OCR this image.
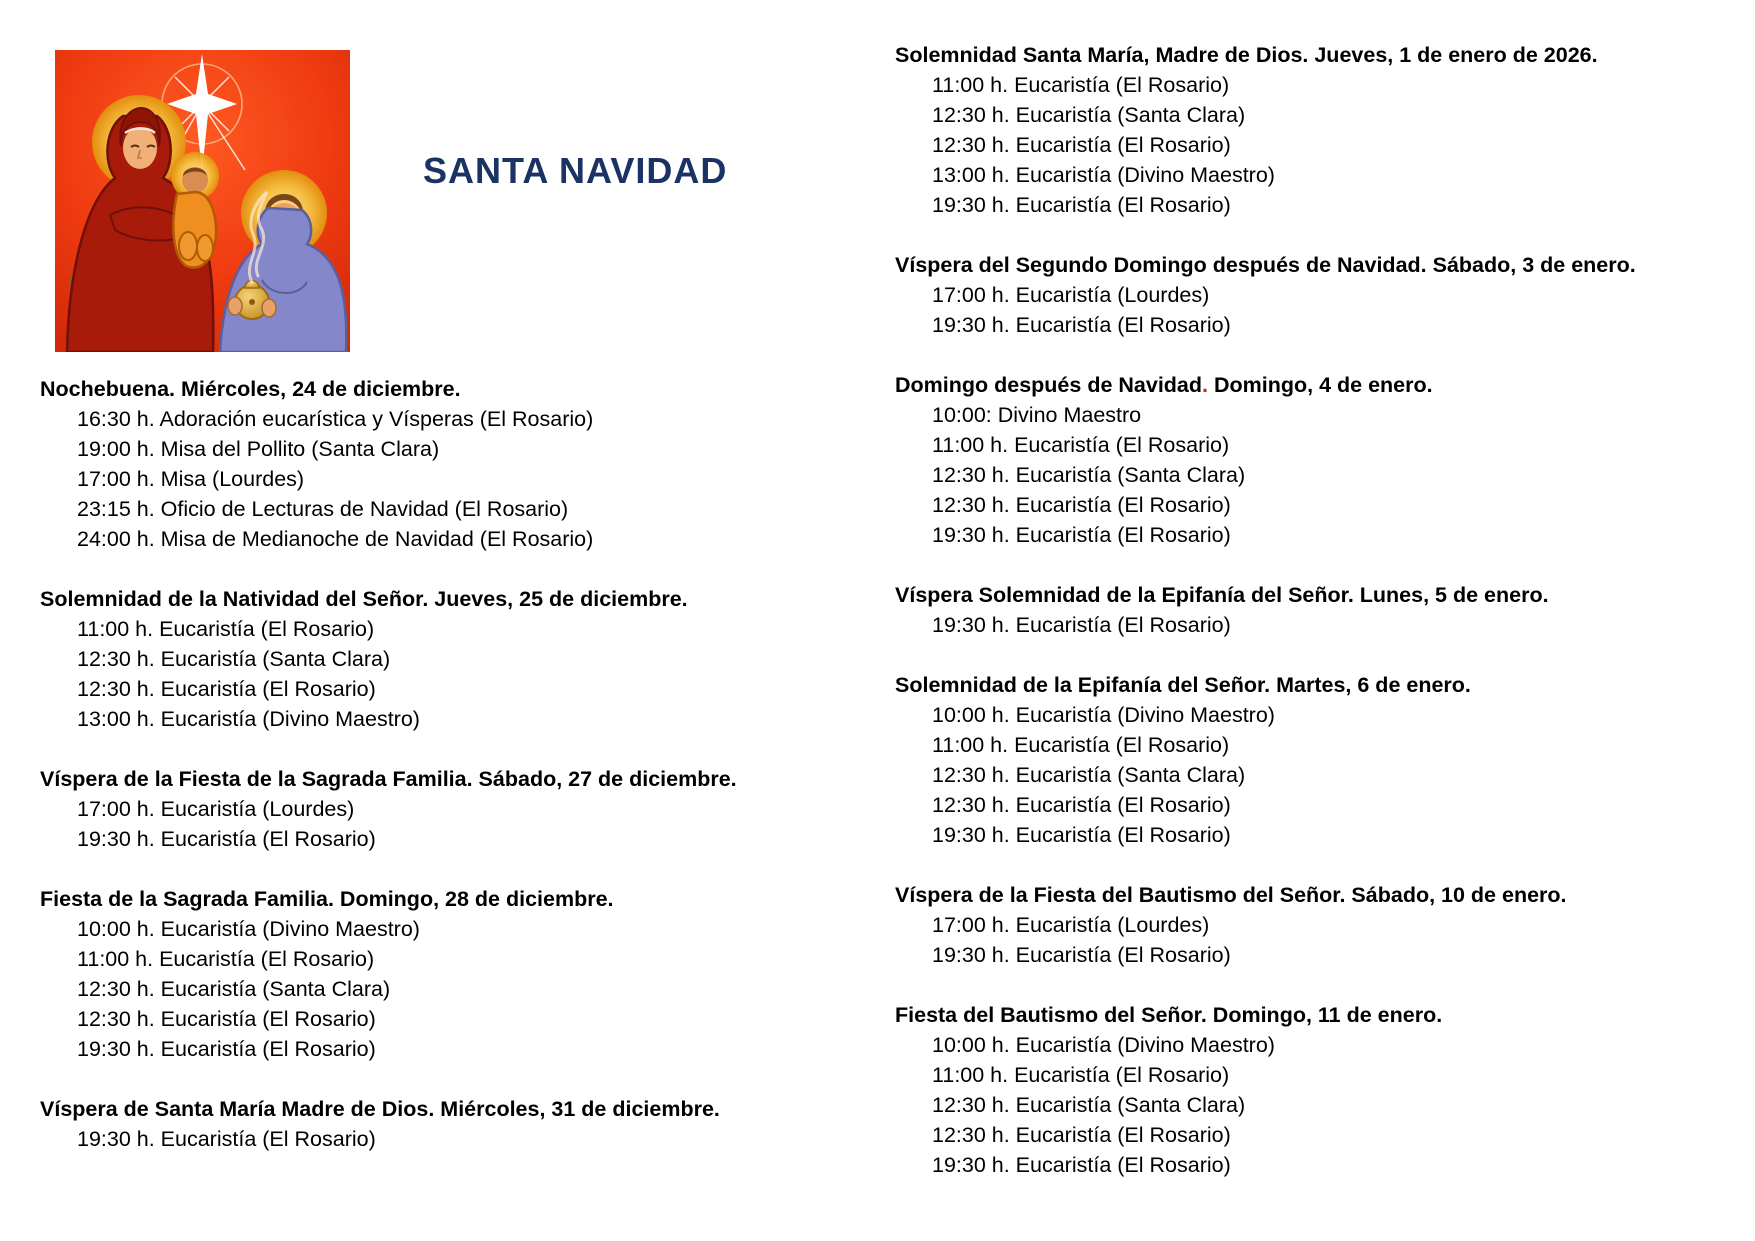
SANTA NAVIDAD
Nochebuena. Miércoles, 24 de diciembre.
16:30 h. Adoración eucarística y Vísperas (El Rosario)
19:00 h. Misa del Pollito (Santa Clara)
17:00 h. Misa (Lourdes)
23:15 h. Oficio de Lecturas de Navidad (El Rosario)
24:00 h. Misa de Medianoche de Navidad (El Rosario)
Solemnidad de la Natividad del Señor. Jueves, 25 de diciembre.
11:00 h. Eucaristía (El Rosario)
12:30 h. Eucaristía (Santa Clara)
12:30 h. Eucaristía (El Rosario)
13:00 h. Eucaristía (Divino Maestro)
Víspera de la Fiesta de la Sagrada Familia. Sábado, 27 de diciembre.
17:00 h. Eucaristía (Lourdes)
19:30 h. Eucaristía (El Rosario)
Fiesta de la Sagrada Familia. Domingo, 28 de diciembre.
10:00 h. Eucaristía (Divino Maestro)
11:00 h. Eucaristía (El Rosario)
12:30 h. Eucaristía (Santa Clara)
12:30 h. Eucaristía (El Rosario)
19:30 h. Eucaristía (El Rosario)
Víspera de Santa María Madre de Dios. Miércoles, 31 de diciembre.
19:30 h. Eucaristía (El Rosario)
Solemnidad Santa María, Madre de Dios. Jueves, 1 de enero de 2026.
11:00 h. Eucaristía (El Rosario)
12:30 h. Eucaristía (Santa Clara)
12:30 h. Eucaristía (El Rosario)
13:00 h. Eucaristía (Divino Maestro)
19:30 h. Eucaristía (El Rosario)
Víspera del Segundo Domingo después de Navidad. Sábado, 3 de enero.
17:00 h. Eucaristía (Lourdes)
19:30 h. Eucaristía (El Rosario)
Domingo después de Navidad. Domingo, 4 de enero.
10:00: Divino Maestro
11:00 h. Eucaristía (El Rosario)
12:30 h. Eucaristía (Santa Clara)
12:30 h. Eucaristía (El Rosario)
19:30 h. Eucaristía (El Rosario)
Víspera Solemnidad de la Epifanía del Señor. Lunes, 5 de enero.
19:30 h. Eucaristía (El Rosario)
Solemnidad de la Epifanía del Señor. Martes, 6 de enero.
10:00 h. Eucaristía (Divino Maestro)
11:00 h. Eucaristía (El Rosario)
12:30 h. Eucaristía (Santa Clara)
12:30 h. Eucaristía (El Rosario)
19:30 h. Eucaristía (El Rosario)
Víspera de la Fiesta del Bautismo del Señor. Sábado, 10 de enero.
17:00 h. Eucaristía (Lourdes)
19:30 h. Eucaristía (El Rosario)
Fiesta del Bautismo del Señor. Domingo, 11 de enero.
10:00 h. Eucaristía (Divino Maestro)
11:00 h. Eucaristía (El Rosario)
12:30 h. Eucaristía (Santa Clara)
12:30 h. Eucaristía (El Rosario)
19:30 h. Eucaristía (El Rosario)
